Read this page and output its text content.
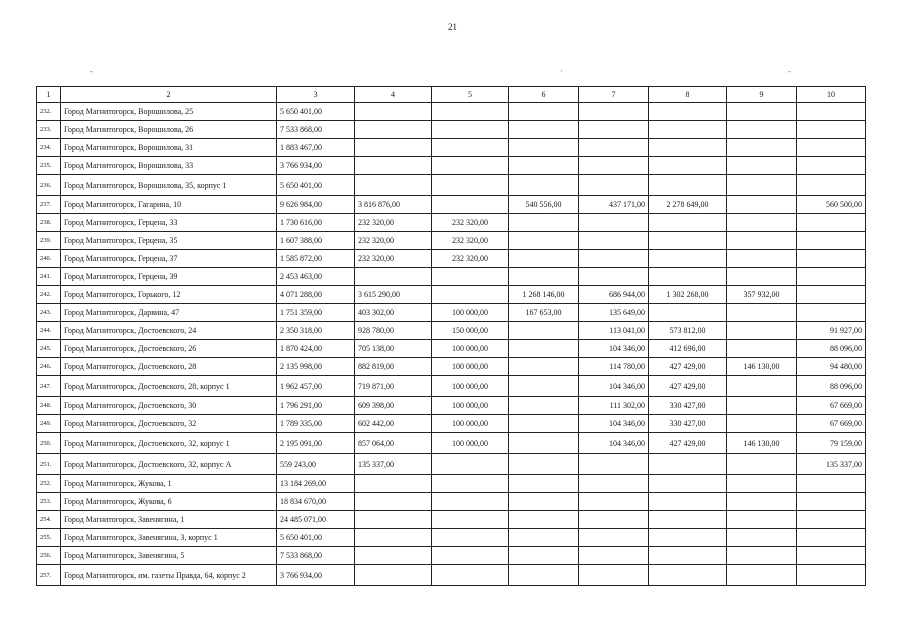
21
-	·	-
1	2	3	4	5	6	7	8	9	10
232.	Город Магнитогорск, Ворошилова, 25	5 650 401,00							
233.	Город Магнитогорск, Ворошилова, 26	7 533 868,00							
234.	Город Магнитогорск, Ворошилова, 31	1 883 467,00							
235.	Город Магнитогорск, Ворошилова, 33	3 766 934,00							
236.	Город Магнитогорск, Ворошилова, 35, корпус 1	5 650 401,00							
237.	Город Магнитогорск, Гагарина, 10	9 626 984,00	3 816 876,00		540 556,00	437 171,00	2 278 649,00		560 500,00
238.	Город Магнитогорск, Герцена, 33	1 730 616,00	232 320,00	232 320,00					
239.	Город Магнитогорск, Герцена, 35	1 607 388,00	232 320,00	232 320,00					
240.	Город Магнитогорск, Герцена, 37	1 585 872,00	232 320,00	232 320,00					
241.	Город Магнитогорск, Герцена, 39	2 453 463,00							
242.	Город Магнитогорск, Горького, 12	4 071 288,00	3 615 290,00		1 268 146,00	686 944,00	1 302 268,00	357 932,00	
243.	Город Магнитогорск, Дарвина, 47	1 751 359,00	403 302,00	100 000,00	167 653,00	135 649,00			
244.	Город Магнитогорск, Достоевского, 24	2 350 318,00	928 780,00	150 000,00		113 041,00	573 812,00		91 927,00
245.	Город Магнитогорск, Достоевского, 26	1 870 424,00	705 138,00	100 000,00		104 346,00	412 696,00		88 096,00
246.	Город Магнитогорск, Достоевского, 28	2 135 998,00	882 819,00	100 000,00		114 780,00	427 429,00	146 130,00	94 480,00
247.	Город Магнитогорск, Достоевского, 28, корпус 1	1 962 457,00	719 871,00	100 000,00		104 346,00	427 429,00		88 096,00
248.	Город Магнитогорск, Достоевского, 30	1 796 291,00	609 398,00	100 000,00		111 302,00	330 427,00		67 669,00
249.	Город Магнитогорск, Достоевского, 32	1 789 335,00	602 442,00	100 000,00		104 346,00	330 427,00		67 669,00
250.	Город Магнитогорск, Достоевского, 32, корпус 1	2 195 091,00	857 064,00	100 000,00		104 346,00	427 429,00	146 130,00	79 159,00
251.	Город Магнитогорск, Достоевского, 32, корпус А	559 243,00	135 337,00						135 337,00
252.	Город Магнитогорск, Жукова, 1	13 184 269,00							
253.	Город Магнитогорск, Жукова, 6	18 834 670,00							
254.	Город Магнитогорск, Завенягина, 1	24 485 071,00							
255.	Город Магнитогорск, Завенягина, 3, корпус 1	5 650 401,00							
256.	Город Магнитогорск, Завенягина, 5	7 533 868,00							
257.	Город Магнитогорск, им. газеты Правда, 64, корпус 2	3 766 934,00							
